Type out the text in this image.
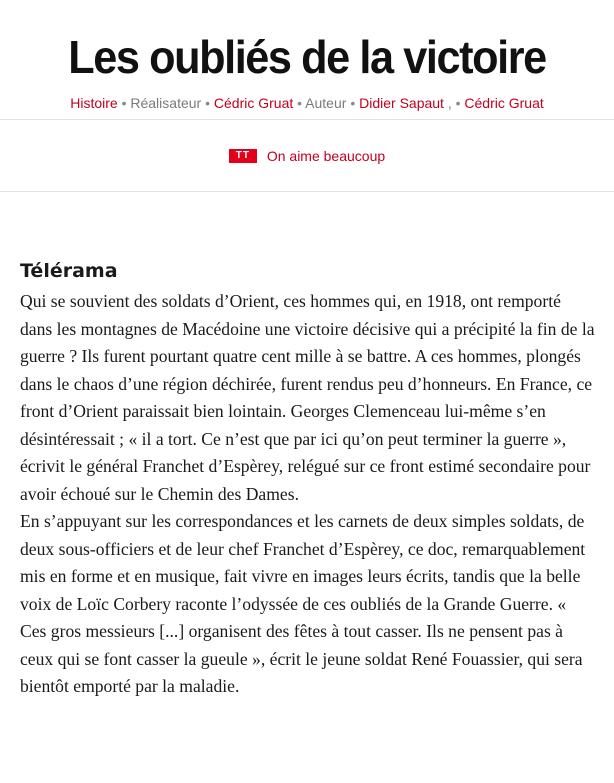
Les oubliés de la victoire
Histoire • Réalisateur • Cédric Gruat • Auteur • Didier Sapaut , • Cédric Gruat
TT	On aime beaucoup
Télérama

Qui se souvient des soldats d’Orient, ces hommes qui, en 1918, ont remporté dans les montagnes de Macédoine une victoire décisive qui a précipité la fin de la guerre ? Ils furent pourtant quatre cent mille à se battre. A ces hommes, plongés dans le chaos d’une région déchirée, furent rendus peu d’honneurs. En France, ce front d’Orient paraissait bien lointain. Georges Clemenceau lui-même s’en désintéressait ; « il a tort. Ce n’est que par ici qu’on peut terminer la guerre », écrivit le général Franchet d’Espèrey, relégué sur ce front estimé secondaire pour avoir échoué sur le Chemin des Dames.

En s’appuyant sur les correspondances et les carnets de deux simples soldats, de deux sous-officiers et de leur chef Franchet d’Espèrey, ce doc, remarquablement mis en forme et en musique, fait vivre en images leurs écrits, tandis que la belle voix de Loïc Corbery raconte l’odyssée de ces oubliés de la Grande Guerre. « Ces gros messieurs [...] organisent des fêtes à tout casser. Ils ne pensent pas à ceux qui se font casser la gueule », écrit le jeune soldat René Fouassier, qui sera bientôt emporté par la maladie.
